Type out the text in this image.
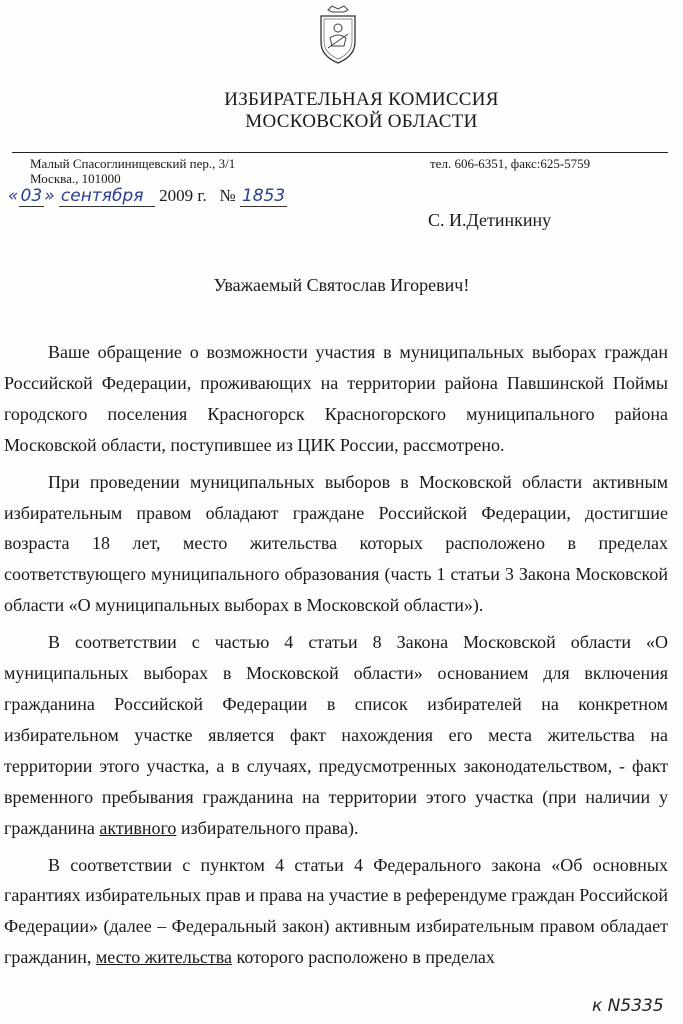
ИЗБИРАТЕЛЬНАЯ КОМИССИЯ
МОСКОВСКОЙ ОБЛАСТИ
Малый Спасоглинищевский пер., 3/1
Москва., 101000
тел. 606-6351, факс:625-5759
« 03 » сентября 2009 г. № 1853
С. И.Детинкину
Уважаемый Святослав Игоревич!

Ваше обращение о возможности участия в муниципальных выборах граждан Российской Федерации, проживающих на территории района Павшинской Поймы городского поселения Красногорск Красногорского муниципального района Московской области, поступившее из ЦИК России, рассмотрено.

При проведении муниципальных выборов в Московской области активным избирательным правом обладают граждане Российской Федерации, достигшие возраста 18 лет, место жительства которых расположено в пределах соответствующего муниципального образования (часть 1 статьи 3 Закона Московской области «О муниципальных выборах в Московской области»).

В соответствии с частью 4 статьи 8 Закона Московской области «О муниципальных выборах в Московской области» основанием для включения гражданина Российской Федерации в список избирателей на конкретном избирательном участке является факт нахождения его места жительства на территории этого участка, а в случаях, предусмотренных законодательством, - факт временного пребывания гражданина на территории этого участка (при наличии у гражданина активного избирательного права).

В соответствии с пунктом 4 статьи 4 Федерального закона «Об основных гарантиях избирательных прав и права на участие в референдуме граждан Российской Федерации» (далее – Федеральный закон) активным избирательным правом обладает гражданин, место жительства которого расположено в пределах

к N5335
